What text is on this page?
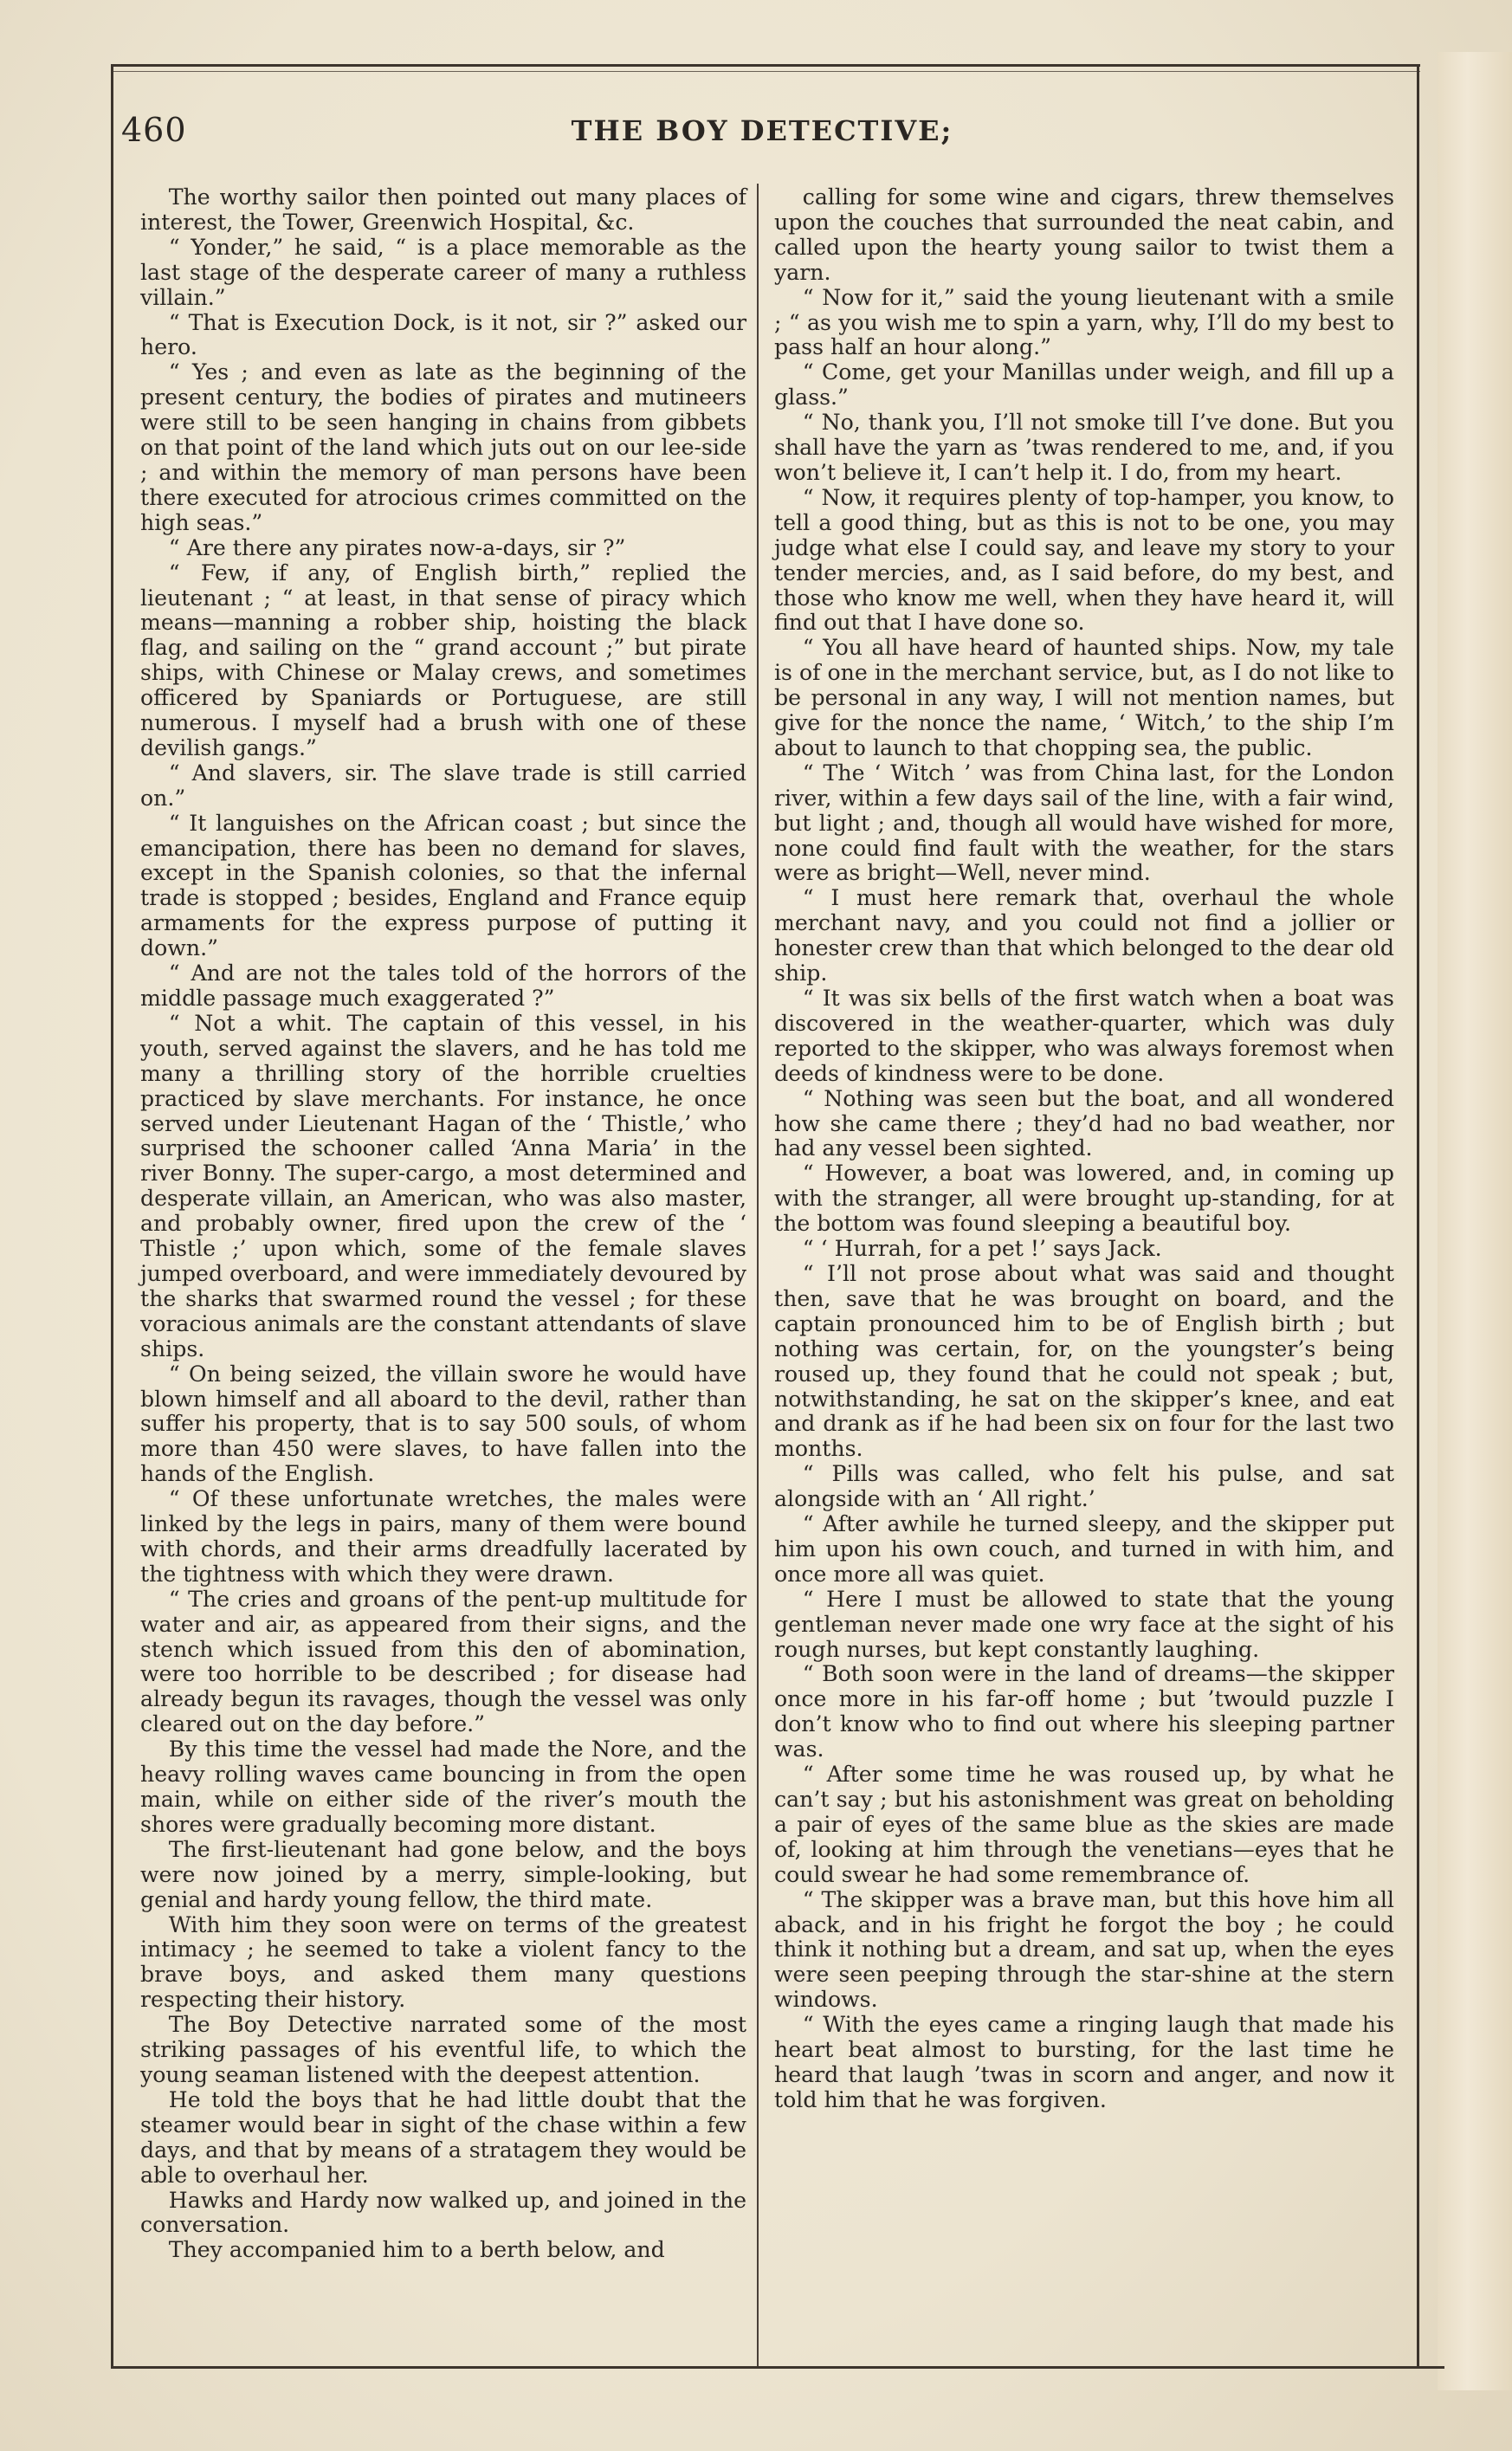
460	THE BOY DETECTIVE;

The worthy sailor then pointed out many places of interest, the Tower, Greenwich Hospital, &c.

“ Yonder,” he said, “ is a place memorable as the last stage of the desperate career of many a ruthless villain.”

“ That is Execution Dock, is it not, sir ?” asked our hero.

“ Yes ; and even as late as the beginning of the present century, the bodies of pirates and mutineers were still to be seen hanging in chains from gibbets on that point of the land which juts out on our lee-side ; and within the memory of man persons have been there executed for atrocious crimes committed on the high seas.”

“ Are there any pirates now-a-days, sir ?”

“ Few, if any, of English birth,” replied the lieutenant ; “ at least, in that sense of piracy which means—manning a robber ship, hoisting the black flag, and sailing on the “ grand account ;” but pirate ships, with Chinese or Malay crews, and sometimes officered by Spaniards or Portuguese, are still numerous. I myself had a brush with one of these devilish gangs.”

“ And slavers, sir. The slave trade is still carried on.”

“ It languishes on the African coast ; but since the emancipation, there has been no demand for slaves, except in the Spanish colonies, so that the infernal trade is stopped ; besides, England and France equip armaments for the express purpose of putting it down.”

“ And are not the tales told of the horrors of the middle passage much exaggerated ?”

“ Not a whit. The captain of this vessel, in his youth, served against the slavers, and he has told me many a thrilling story of the horrible cruelties practiced by slave merchants. For instance, he once served under Lieutenant Hagan of the ‘ Thistle,’ who surprised the schooner called ‘Anna Maria’ in the river Bonny. The super-cargo, a most determined and desperate villain, an American, who was also master, and probably owner, fired upon the crew of the ‘ Thistle ;’ upon which, some of the female slaves jumped overboard, and were immediately devoured by the sharks that swarmed round the vessel ; for these voracious animals are the constant attendants of slave ships.

“ On being seized, the villain swore he would have blown himself and all aboard to the devil, rather than suffer his property, that is to say 500 souls, of whom more than 450 were slaves, to have fallen into the hands of the English.

“ Of these unfortunate wretches, the males were linked by the legs in pairs, many of them were bound with chords, and their arms dreadfully lacerated by the tightness with which they were drawn.

“ The cries and groans of the pent-up multitude for water and air, as appeared from their signs, and the stench which issued from this den of abomination, were too horrible to be described ; for disease had already begun its ravages, though the vessel was only cleared out on the day before.”

By this time the vessel had made the Nore, and the heavy rolling waves came bouncing in from the open main, while on either side of the river’s mouth the shores were gradually becoming more distant.

The first-lieutenant had gone below, and the boys were now joined by a merry, simple-looking, but genial and hardy young fellow, the third mate.

With him they soon were on terms of the greatest intimacy ; he seemed to take a violent fancy to the brave boys, and asked them many questions respecting their history.

The Boy Detective narrated some of the most striking passages of his eventful life, to which the young seaman listened with the deepest attention.

He told the boys that he had little doubt that the steamer would bear in sight of the chase within a few days, and that by means of a stratagem they would be able to overhaul her.

Hawks and Hardy now walked up, and joined in the conversation.

They accompanied him to a berth below, and

calling for some wine and cigars, threw themselves upon the couches that surrounded the neat cabin, and called upon the hearty young sailor to twist them a yarn.

“ Now for it,” said the young lieutenant with a smile ; “ as you wish me to spin a yarn, why, I’ll do my best to pass half an hour along.”

“ Come, get your Manillas under weigh, and fill up a glass.”

“ No, thank you, I’ll not smoke till I’ve done. But you shall have the yarn as ’twas rendered to me, and, if you won’t believe it, I can’t help it. I do, from my heart.

“ Now, it requires plenty of top-hamper, you know, to tell a good thing, but as this is not to be one, you may judge what else I could say, and leave my story to your tender mercies, and, as I said before, do my best, and those who know me well, when they have heard it, will find out that I have done so.

“ You all have heard of haunted ships. Now, my tale is of one in the merchant service, but, as I do not like to be personal in any way, I will not mention names, but give for the nonce the name, ‘ Witch,’ to the ship I’m about to launch to that chopping sea, the public.

“ The ‘ Witch ’ was from China last, for the London river, within a few days sail of the line, with a fair wind, but light ; and, though all would have wished for more, none could find fault with the weather, for the stars were as bright—Well, never mind.

“ I must here remark that, overhaul the whole merchant navy, and you could not find a jollier or honester crew than that which belonged to the dear old ship.

“ It was six bells of the first watch when a boat was discovered in the weather-quarter, which was duly reported to the skipper, who was always foremost when deeds of kindness were to be done.

“ Nothing was seen but the boat, and all wondered how she came there ; they’d had no bad weather, nor had any vessel been sighted.

“ However, a boat was lowered, and, in coming up with the stranger, all were brought up-standing, for at the bottom was found sleeping a beautiful boy.

“ ‘ Hurrah, for a pet !’ says Jack.

“ I’ll not prose about what was said and thought then, save that he was brought on board, and the captain pronounced him to be of English birth ; but nothing was certain, for, on the youngster’s being roused up, they found that he could not speak ; but, notwithstanding, he sat on the skipper’s knee, and eat and drank as if he had been six on four for the last two months.

“ Pills was called, who felt his pulse, and sat alongside with an ‘ All right.’

“ After awhile he turned sleepy, and the skipper put him upon his own couch, and turned in with him, and once more all was quiet.

“ Here I must be allowed to state that the young gentleman never made one wry face at the sight of his rough nurses, but kept constantly laughing.

“ Both soon were in the land of dreams—the skipper once more in his far-off home ; but ’twould puzzle I don’t know who to find out where his sleeping partner was.

“ After some time he was roused up, by what he can’t say ; but his astonishment was great on beholding a pair of eyes of the same blue as the skies are made of, looking at him through the venetians—eyes that he could swear he had some remembrance of.

“ The skipper was a brave man, but this hove him all aback, and in his fright he forgot the boy ; he could think it nothing but a dream, and sat up, when the eyes were seen peeping through the star-shine at the stern windows.

“ With the eyes came a ringing laugh that made his heart beat almost to bursting, for the last time he heard that laugh ’twas in scorn and anger, and now it told him that he was forgiven.
